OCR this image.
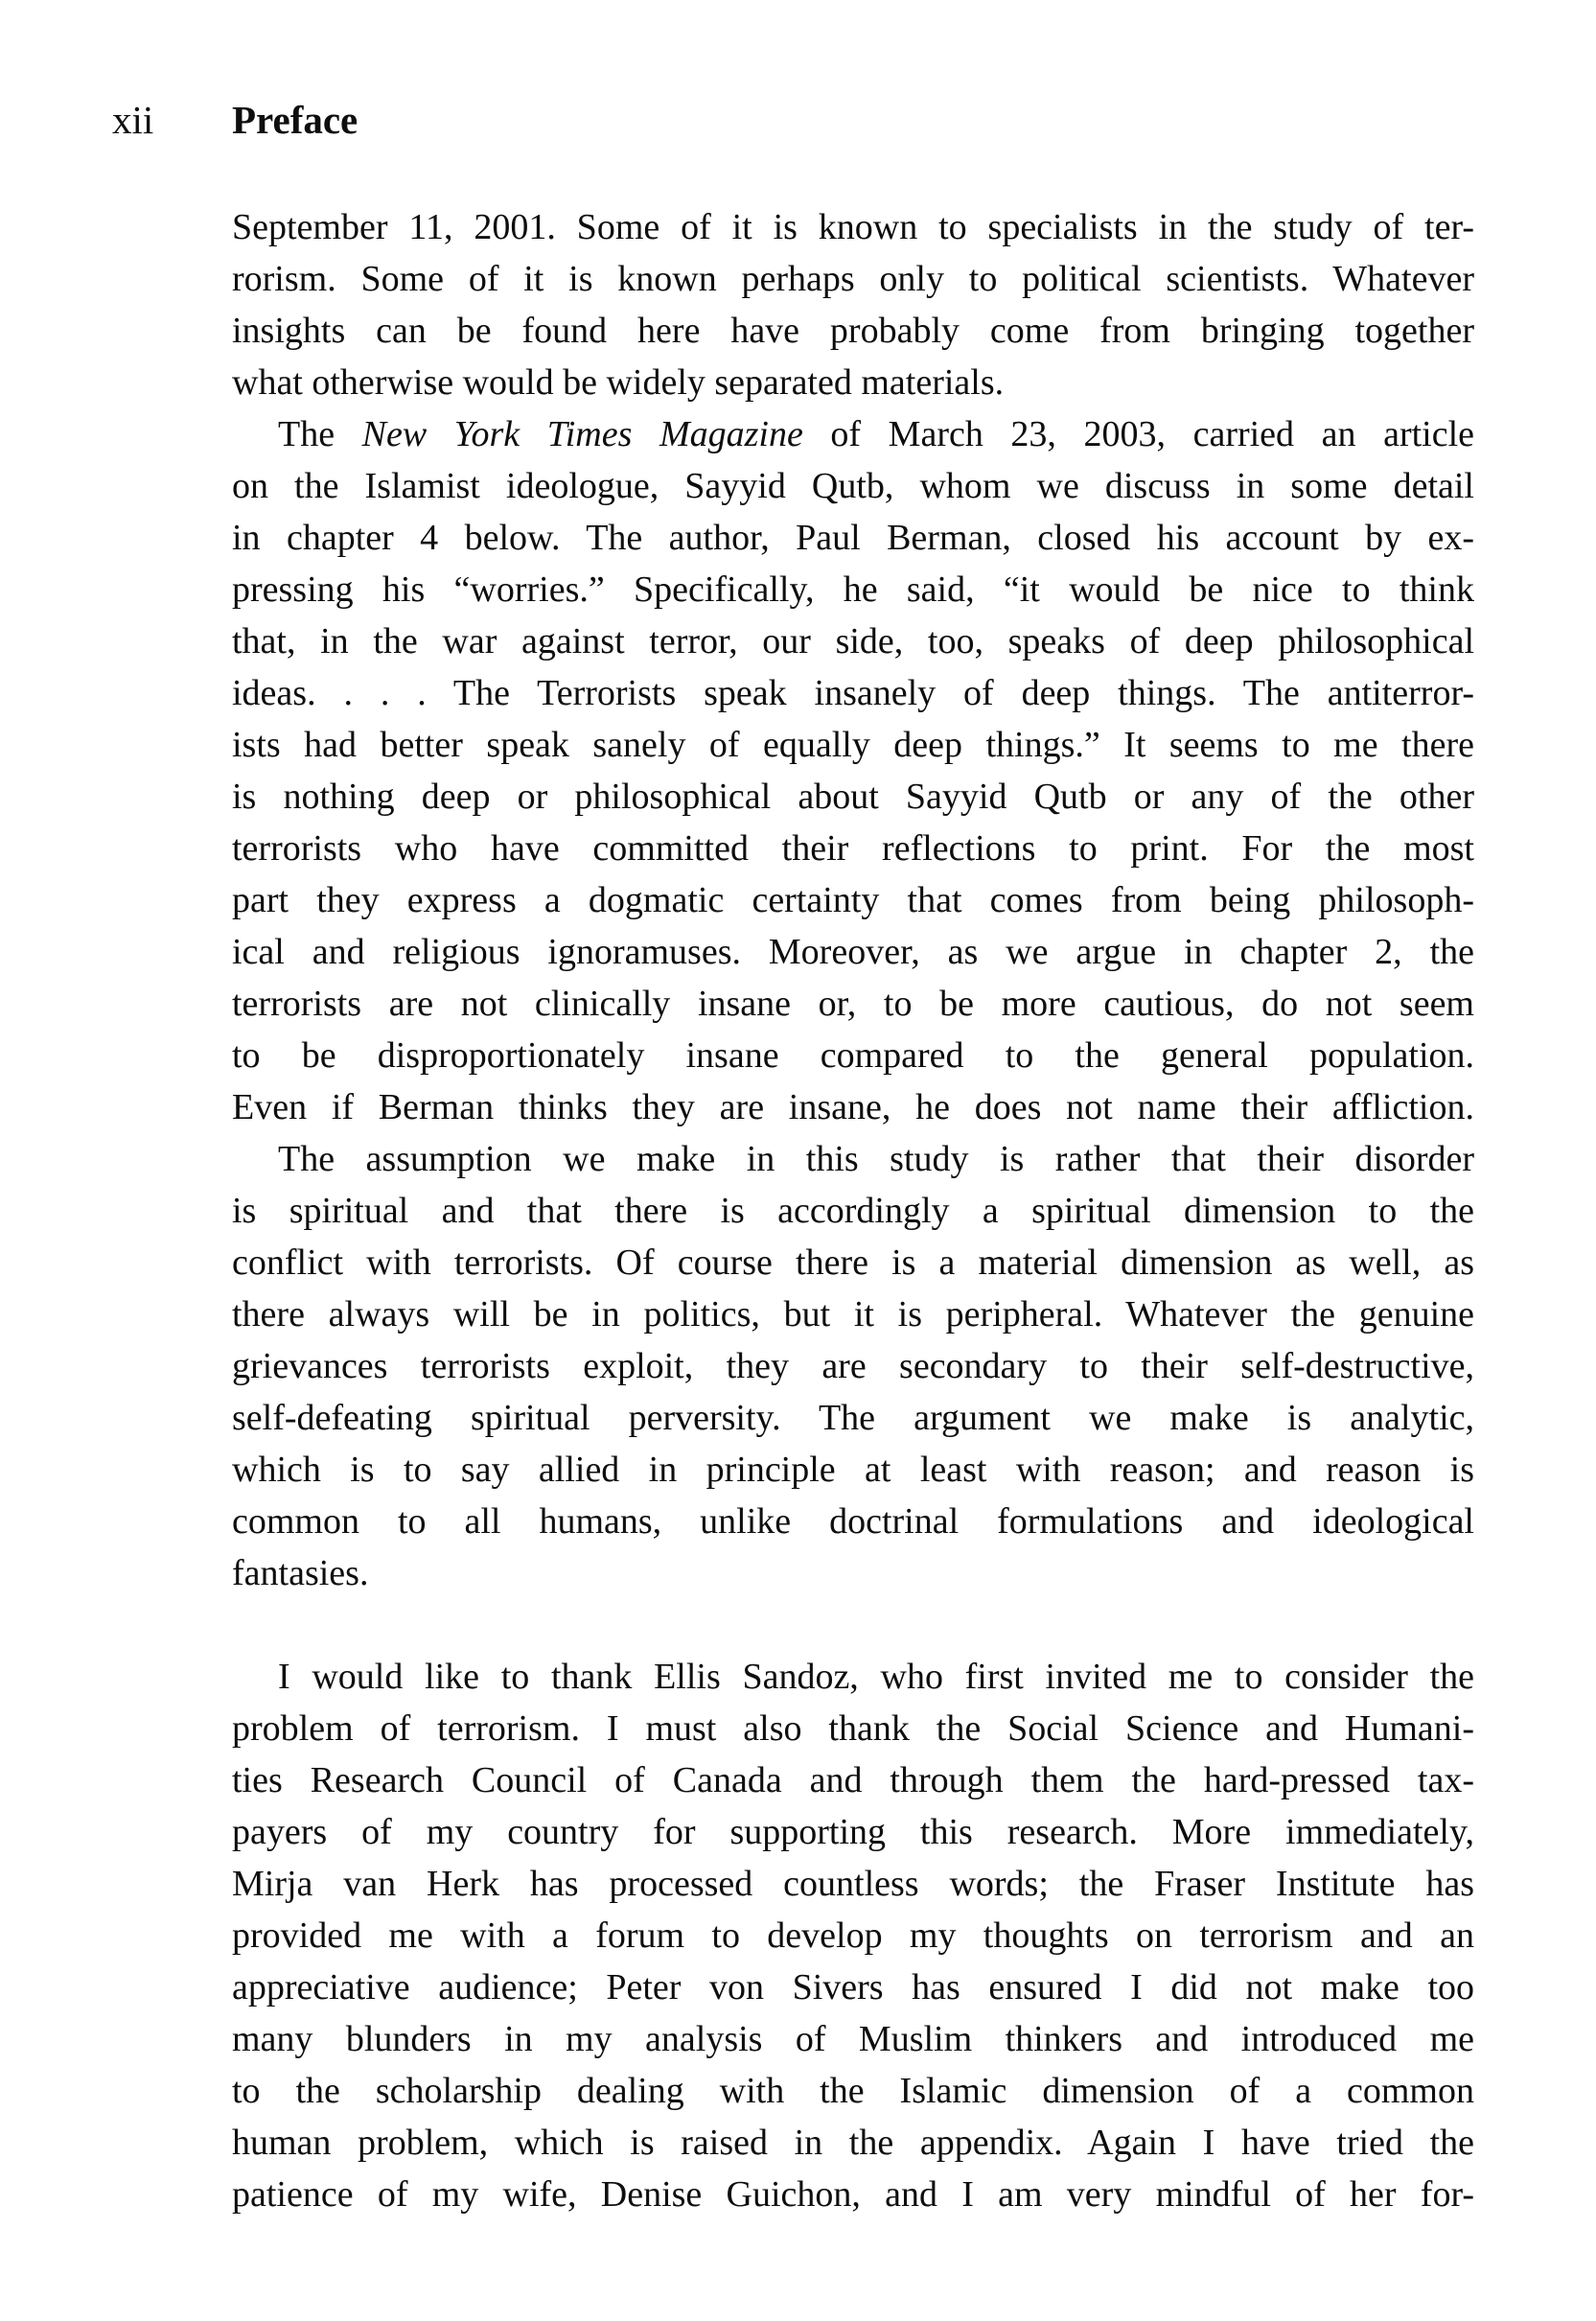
xii Preface
September 11, 2001. Some of it is known to specialists in the study of ter-
rorism. Some of it is known perhaps only to political scientists. Whatever
insights can be found here have probably come from bringing together
what otherwise would be widely separated materials.
The New York Times Magazine of March 23, 2003, carried an article
on the Islamist ideologue, Sayyid Qutb, whom we discuss in some detail
in chapter 4 below. The author, Paul Berman, closed his account by ex-
pressing his “worries.” Specifically, he said, “it would be nice to think
that, in the war against terror, our side, too, speaks of deep philosophical
ideas. . . . The Terrorists speak insanely of deep things. The antiterror-
ists had better speak sanely of equally deep things.” It seems to me there
is nothing deep or philosophical about Sayyid Qutb or any of the other
terrorists who have committed their reflections to print. For the most
part they express a dogmatic certainty that comes from being philosoph-
ical and religious ignoramuses. Moreover, as we argue in chapter 2, the
terrorists are not clinically insane or, to be more cautious, do not seem
to be disproportionately insane compared to the general population.
Even if Berman thinks they are insane, he does not name their affliction.
The assumption we make in this study is rather that their disorder
is spiritual and that there is accordingly a spiritual dimension to the
conflict with terrorists. Of course there is a material dimension as well, as
there always will be in politics, but it is peripheral. Whatever the genuine
grievances terrorists exploit, they are secondary to their self-destructive,
self-defeating spiritual perversity. The argument we make is analytic,
which is to say allied in principle at least with reason; and reason is
common to all humans, unlike doctrinal formulations and ideological
fantasies.
I would like to thank Ellis Sandoz, who first invited me to consider the
problem of terrorism. I must also thank the Social Science and Humani-
ties Research Council of Canada and through them the hard-pressed tax-
payers of my country for supporting this research. More immediately,
Mirja van Herk has processed countless words; the Fraser Institute has
provided me with a forum to develop my thoughts on terrorism and an
appreciative audience; Peter von Sivers has ensured I did not make too
many blunders in my analysis of Muslim thinkers and introduced me
to the scholarship dealing with the Islamic dimension of a common
human problem, which is raised in the appendix. Again I have tried the
patience of my wife, Denise Guichon, and I am very mindful of her for-
